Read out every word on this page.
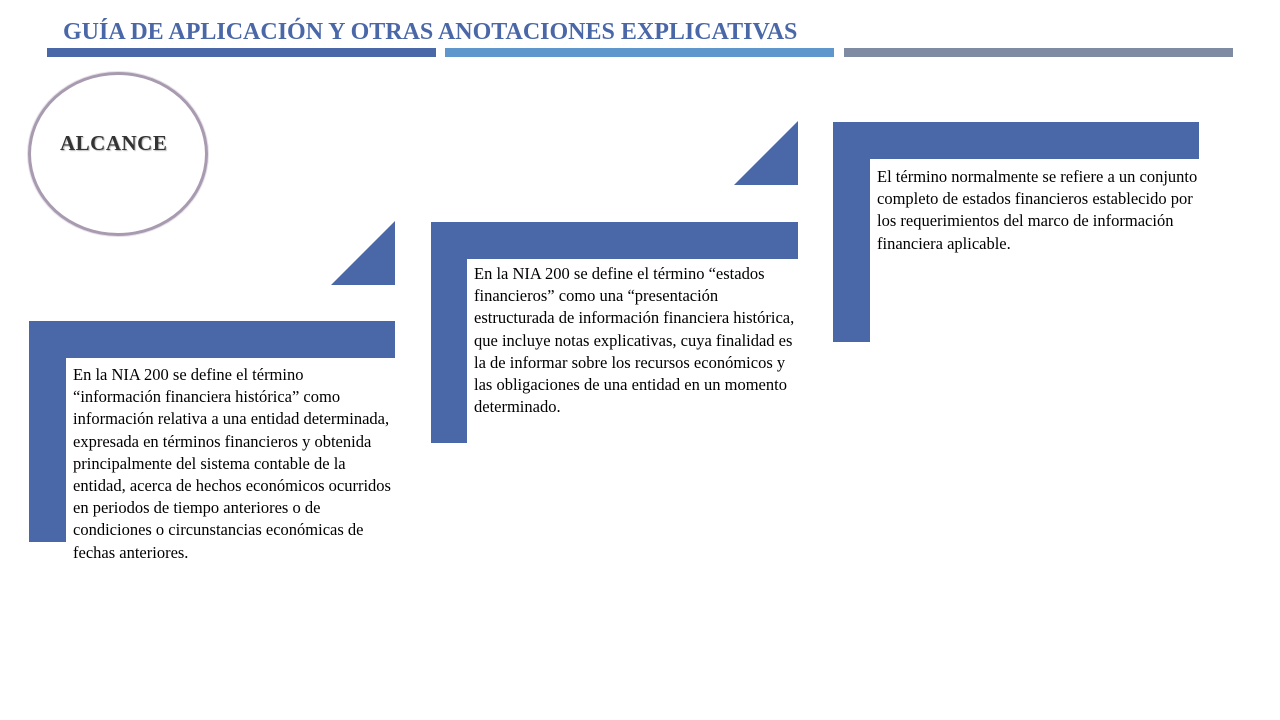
GUÍA DE APLICACIÓN Y OTRAS ANOTACIONES EXPLICATIVAS
ALCANCE
En la NIA 200 se define el término “información financiera histórica” como información relativa a una entidad determinada, expresada en términos financieros y obtenida principalmente del sistema contable de la entidad, acerca de hechos económicos ocurridos en periodos de tiempo anteriores o de condiciones o circunstancias económicas de fechas anteriores.
En la NIA 200 se define el término “estados financieros” como una “presentación estructurada de información financiera histórica, que incluye notas explicativas, cuya finalidad es la de informar sobre los recursos económicos y las obligaciones de una entidad en un momento determinado.
El término normalmente se refiere a un conjunto completo de estados financieros establecido por los requerimientos del marco de información financiera aplicable.
